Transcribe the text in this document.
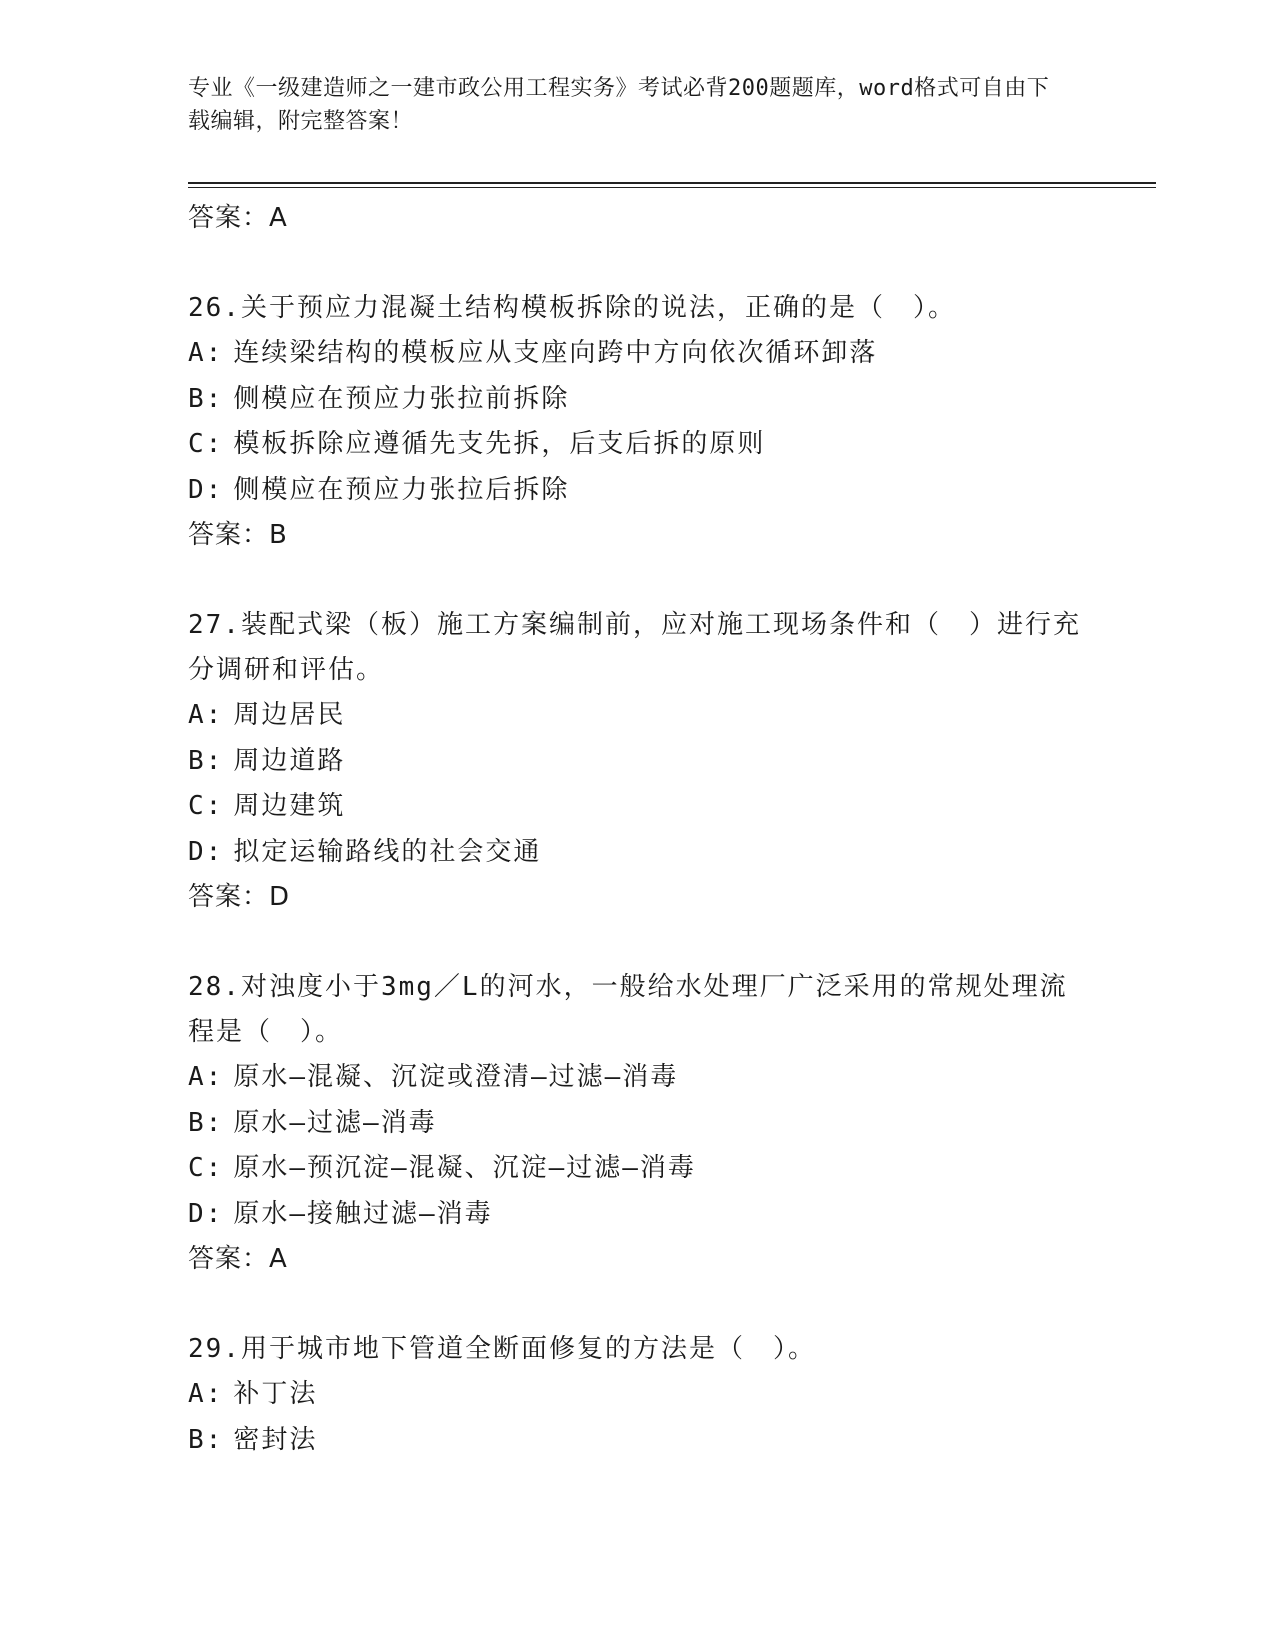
专业《一级建造师之一建市政公用工程实务》考试必背200题题库，word格式可自由下载编辑，附完整答案！

答案：A

26.关于预应力混凝土结构模板拆除的说法，正确的是（　）。

A: 连续梁结构的模板应从支座向跨中方向依次循环卸落

B: 侧模应在预应力张拉前拆除

C: 模板拆除应遵循先支先拆，后支后拆的原则

D: 侧模应在预应力张拉后拆除

答案：B

27.装配式梁（板）施工方案编制前，应对施工现场条件和（　）进行充分调研和评估。

A: 周边居民

B: 周边道路

C: 周边建筑

D: 拟定运输路线的社会交通

答案：D

28.对浊度小于3mg／L的河水，一般给水处理厂广泛采用的常规处理流程是（　）。

A: 原水—混凝、沉淀或澄清—过滤—消毒

B: 原水—过滤—消毒

C: 原水—预沉淀—混凝、沉淀—过滤—消毒

D: 原水—接触过滤—消毒

答案：A

29.用于城市地下管道全断面修复的方法是（　）。

A: 补丁法

B: 密封法
